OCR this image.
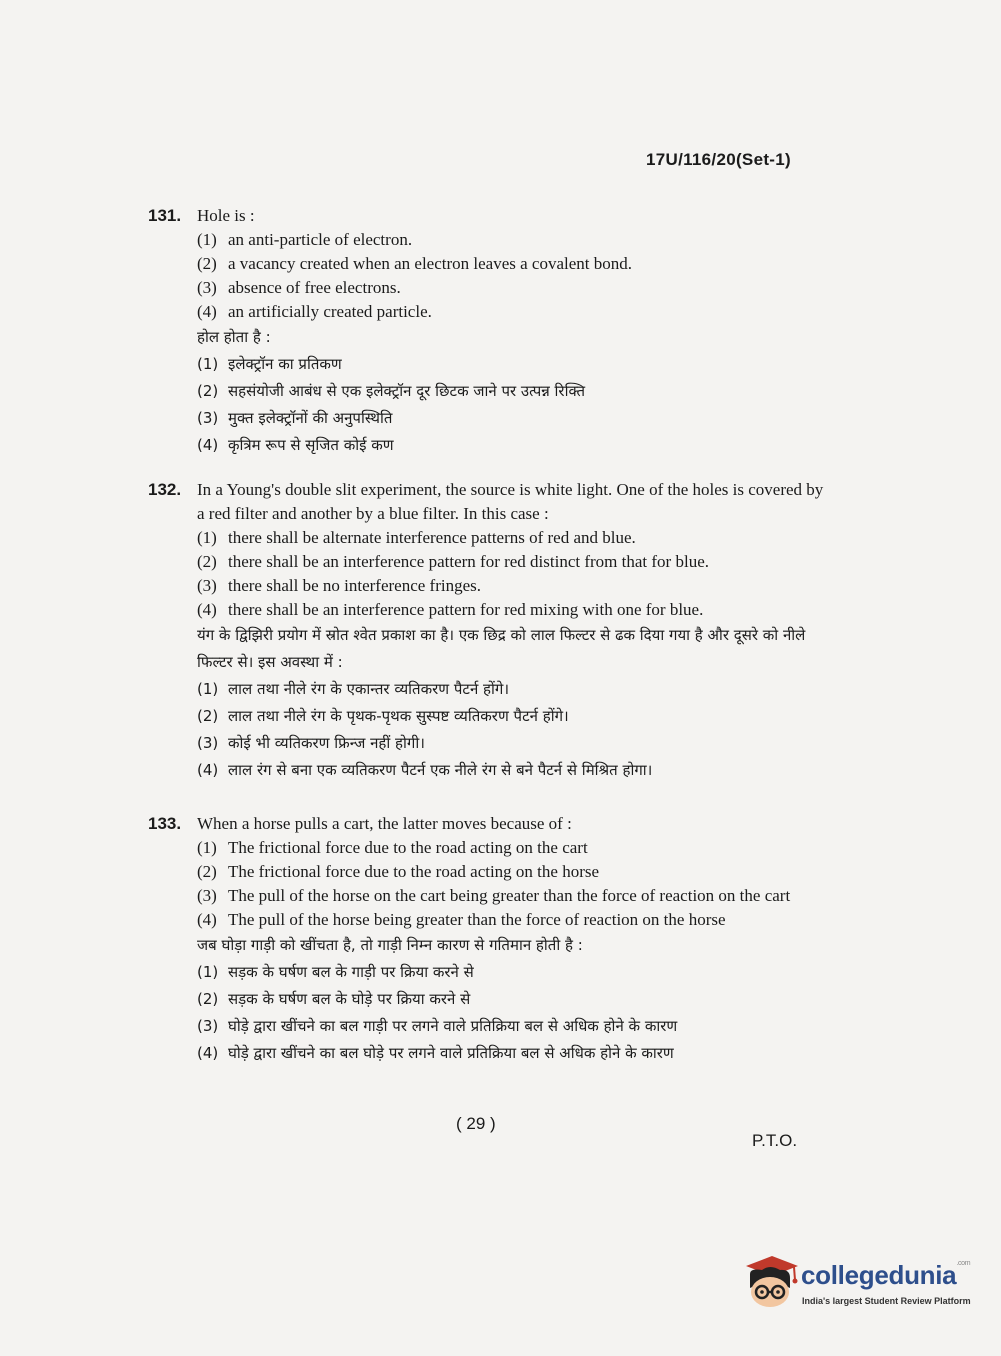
17U/116/20(Set-1)
131. Hole is :
(1) an anti-particle of electron.
(2) a vacancy created when an electron leaves a covalent bond.
(3) absence of free electrons.
(4) an artificially created particle.
होल होता है :
(1) इलेक्ट्रॉन का प्रतिकण
(2) सहसंयोजी आबंध से एक इलेक्ट्रॉन दूर छिटक जाने पर उत्पन्न रिक्ति
(3) मुक्त इलेक्ट्रॉनों की अनुपस्थिति
(4) कृत्रिम रूप से सृजित कोई कण
132. In a Young's double slit experiment, the source is white light. One of the holes is covered by a red filter and another by a blue filter. In this case :
(1) there shall be alternate interference patterns of red and blue.
(2) there shall be an interference pattern for red distinct from that for blue.
(3) there shall be no interference fringes.
(4) there shall be an interference pattern for red mixing with one for blue.
यंग के द्विझिरी प्रयोग में स्रोत श्वेत प्रकाश का है। एक छिद्र को लाल फिल्टर से ढक दिया गया है और दूसरे को नीले फिल्टर से। इस अवस्था में :
(1) लाल तथा नीले रंग के एकान्तर व्यतिकरण पैटर्न होंगे।
(2) लाल तथा नीले रंग के पृथक-पृथक सुस्पष्ट व्यतिकरण पैटर्न होंगे।
(3) कोई भी व्यतिकरण फ्रिन्ज नहीं होगी।
(4) लाल रंग से बना एक व्यतिकरण पैटर्न एक नीले रंग से बने पैटर्न से मिश्रित होगा।
133. When a horse pulls a cart, the latter moves because of :
(1) The frictional force due to the road acting on the cart
(2) The frictional force due to the road acting on the horse
(3) The pull of the horse on the cart being greater than the force of reaction on the cart
(4) The pull of the horse being greater than the force of reaction on the horse
जब घोड़ा गाड़ी को खींचता है, तो गाड़ी निम्न कारण से गतिमान होती है :
(1) सड़क के घर्षण बल के गाड़ी पर क्रिया करने से
(2) सड़क के घर्षण बल के घोड़े पर क्रिया करने से
(3) घोड़े द्वारा खींचने का बल गाड़ी पर लगने वाले प्रतिक्रिया बल से अधिक होने के कारण
(4) घोड़े द्वारा खींचने का बल घोड़े पर लगने वाले प्रतिक्रिया बल से अधिक होने के कारण
( 29 )
P.T.O.
collegedunia$^{.com}$
India's largest Student Review Platform
